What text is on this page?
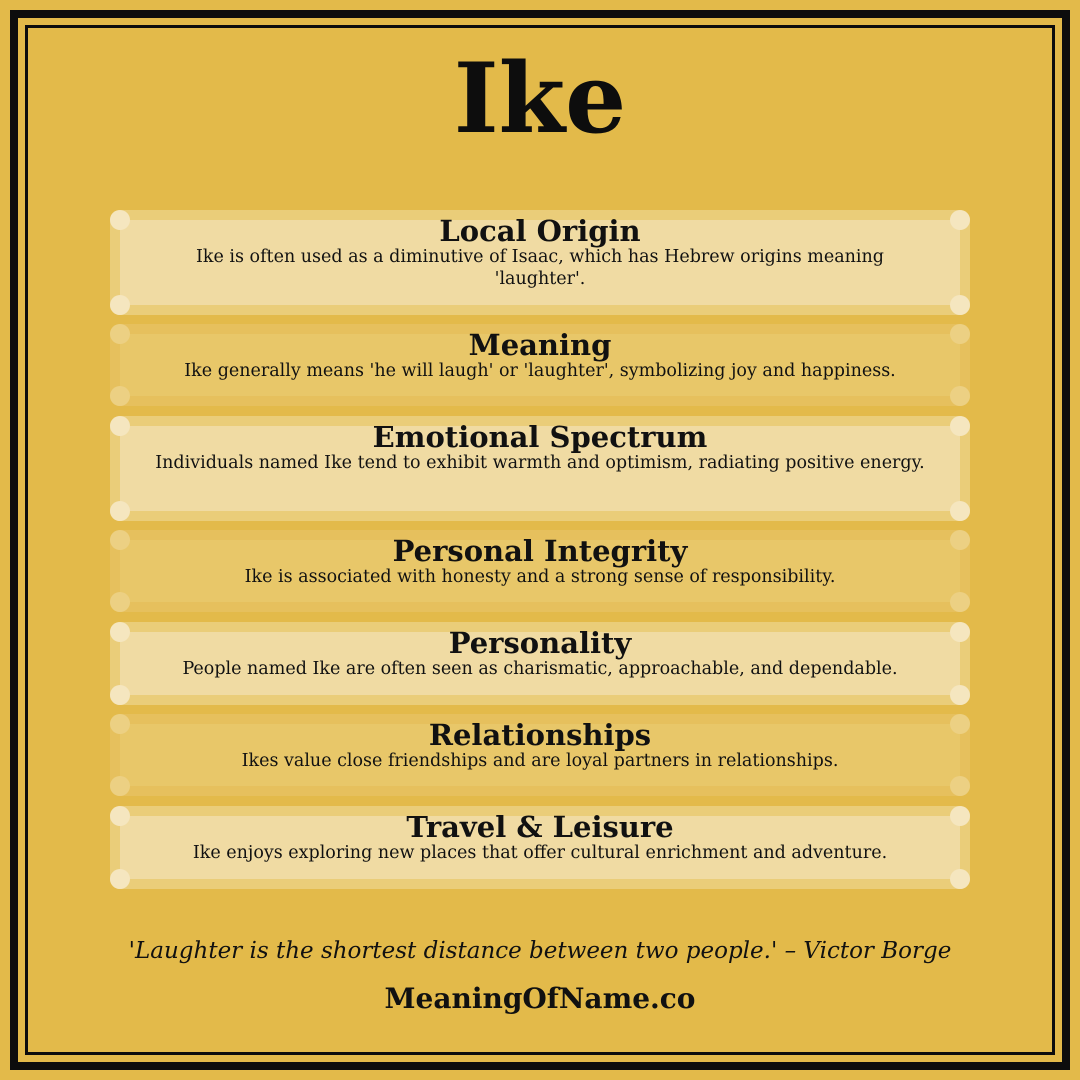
Ike
Local Origin
Ike is often used as a diminutive of Isaac, which has Hebrew origins meaning 'laughter'.
Meaning
Ike generally means 'he will laugh' or 'laughter', symbolizing joy and happiness.
Emotional Spectrum
Individuals named Ike tend to exhibit warmth and optimism, radiating positive energy.
Personal Integrity
Ike is associated with honesty and a strong sense of responsibility.
Personality
People named Ike are often seen as charismatic, approachable, and dependable.
Relationships
Ikes value close friendships and are loyal partners in relationships.
Travel & Leisure
Ike enjoys exploring new places that offer cultural enrichment and adventure.
'Laughter is the shortest distance between two people.' – Victor Borge
MeaningOfName.co
